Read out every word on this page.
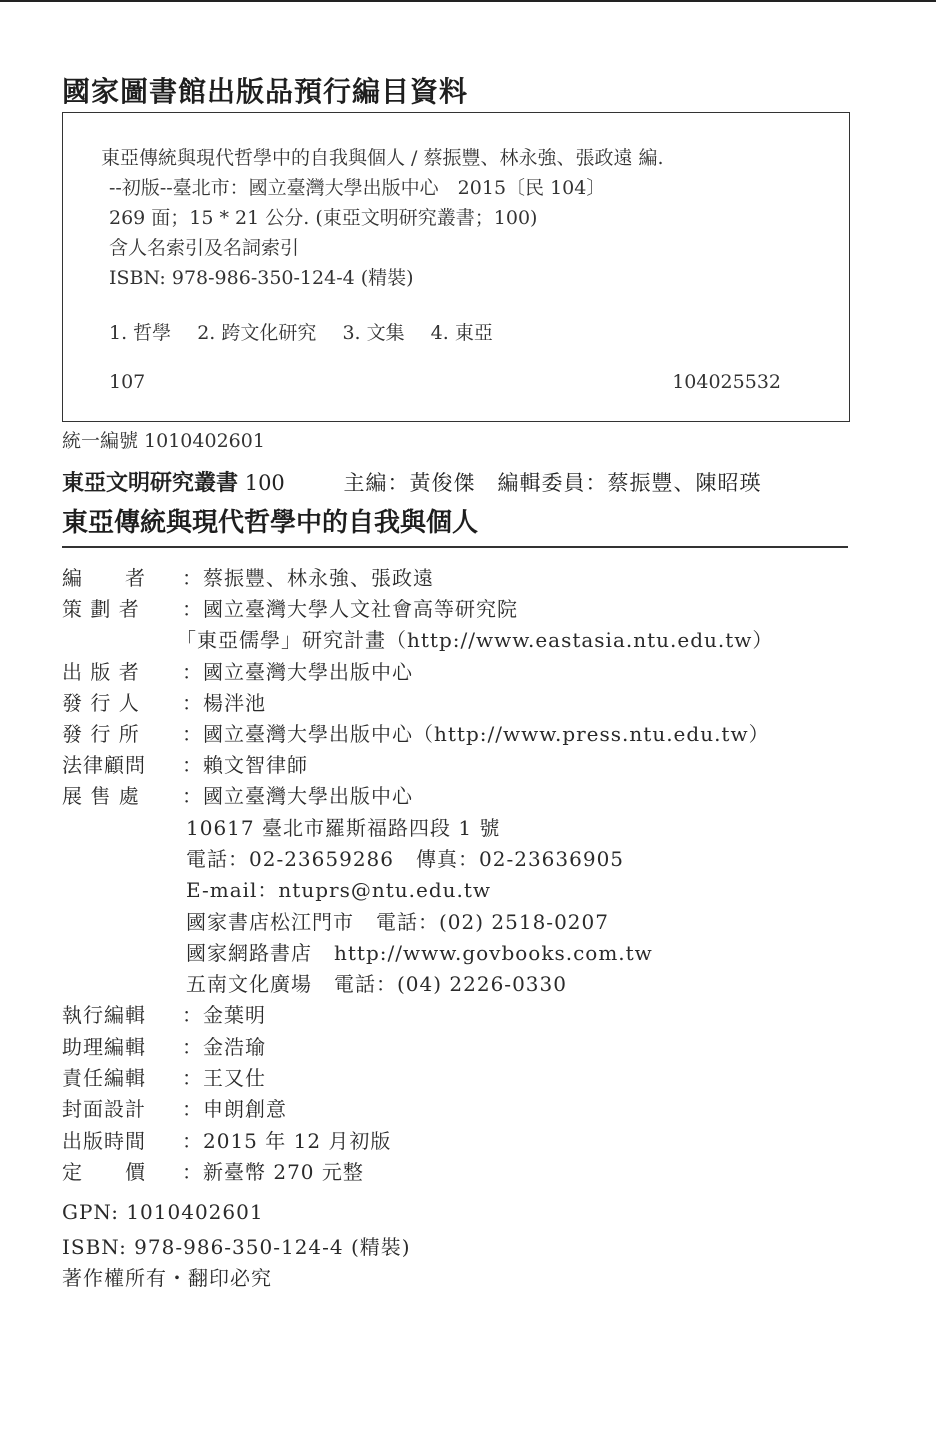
國家圖書館出版品預行編目資料
東亞傳統與現代哲學中的自我與個人 / 蔡振豐、林永強、張政遠 編.
--初版--臺北市：國立臺灣大學出版中心　2015〔民 104〕
269 面；15 * 21 公分. (東亞文明研究叢書；100)
含人名索引及名詞索引
ISBN: 978-986-350-124-4 (精裝)
1. 哲學 2. 跨文化研究 3. 文集 4. 東亞
107	104025532
統一編號 1010402601
東亞文明研究叢書 100	主編：黃俊傑　編輯委員：蔡振豐、陳昭瑛
東亞傳統與現代哲學中的自我與個人
編　　者 ：蔡振豐、林永強、張政遠
策 劃 者 ：國立臺灣大學人文社會高等研究院
「東亞儒學」研究計畫（http://www.eastasia.ntu.edu.tw）
出 版 者 ：國立臺灣大學出版中心
發 行 人 ：楊泮池
發 行 所 ：國立臺灣大學出版中心（http://www.press.ntu.edu.tw）
法律顧問 ：賴文智律師
展 售 處 ：國立臺灣大學出版中心
10617 臺北市羅斯福路四段 1 號
電話：02-23659286 傳真：02-23636905
E-mail：ntuprs@ntu.edu.tw
國家書店松江門市 電話：(02) 2518-0207
國家網路書店 http://www.govbooks.com.tw
五南文化廣場 電話：(04) 2226-0330
執行編輯 ：金葉明
助理編輯 ：金浩瑜
責任編輯 ：王又仕
封面設計 ：申朗創意
出版時間 ：2015 年 12 月初版
定　　價 ：新臺幣 270 元整
GPN: 1010402601
ISBN: 978-986-350-124-4 (精裝)
著作權所有・翻印必究
